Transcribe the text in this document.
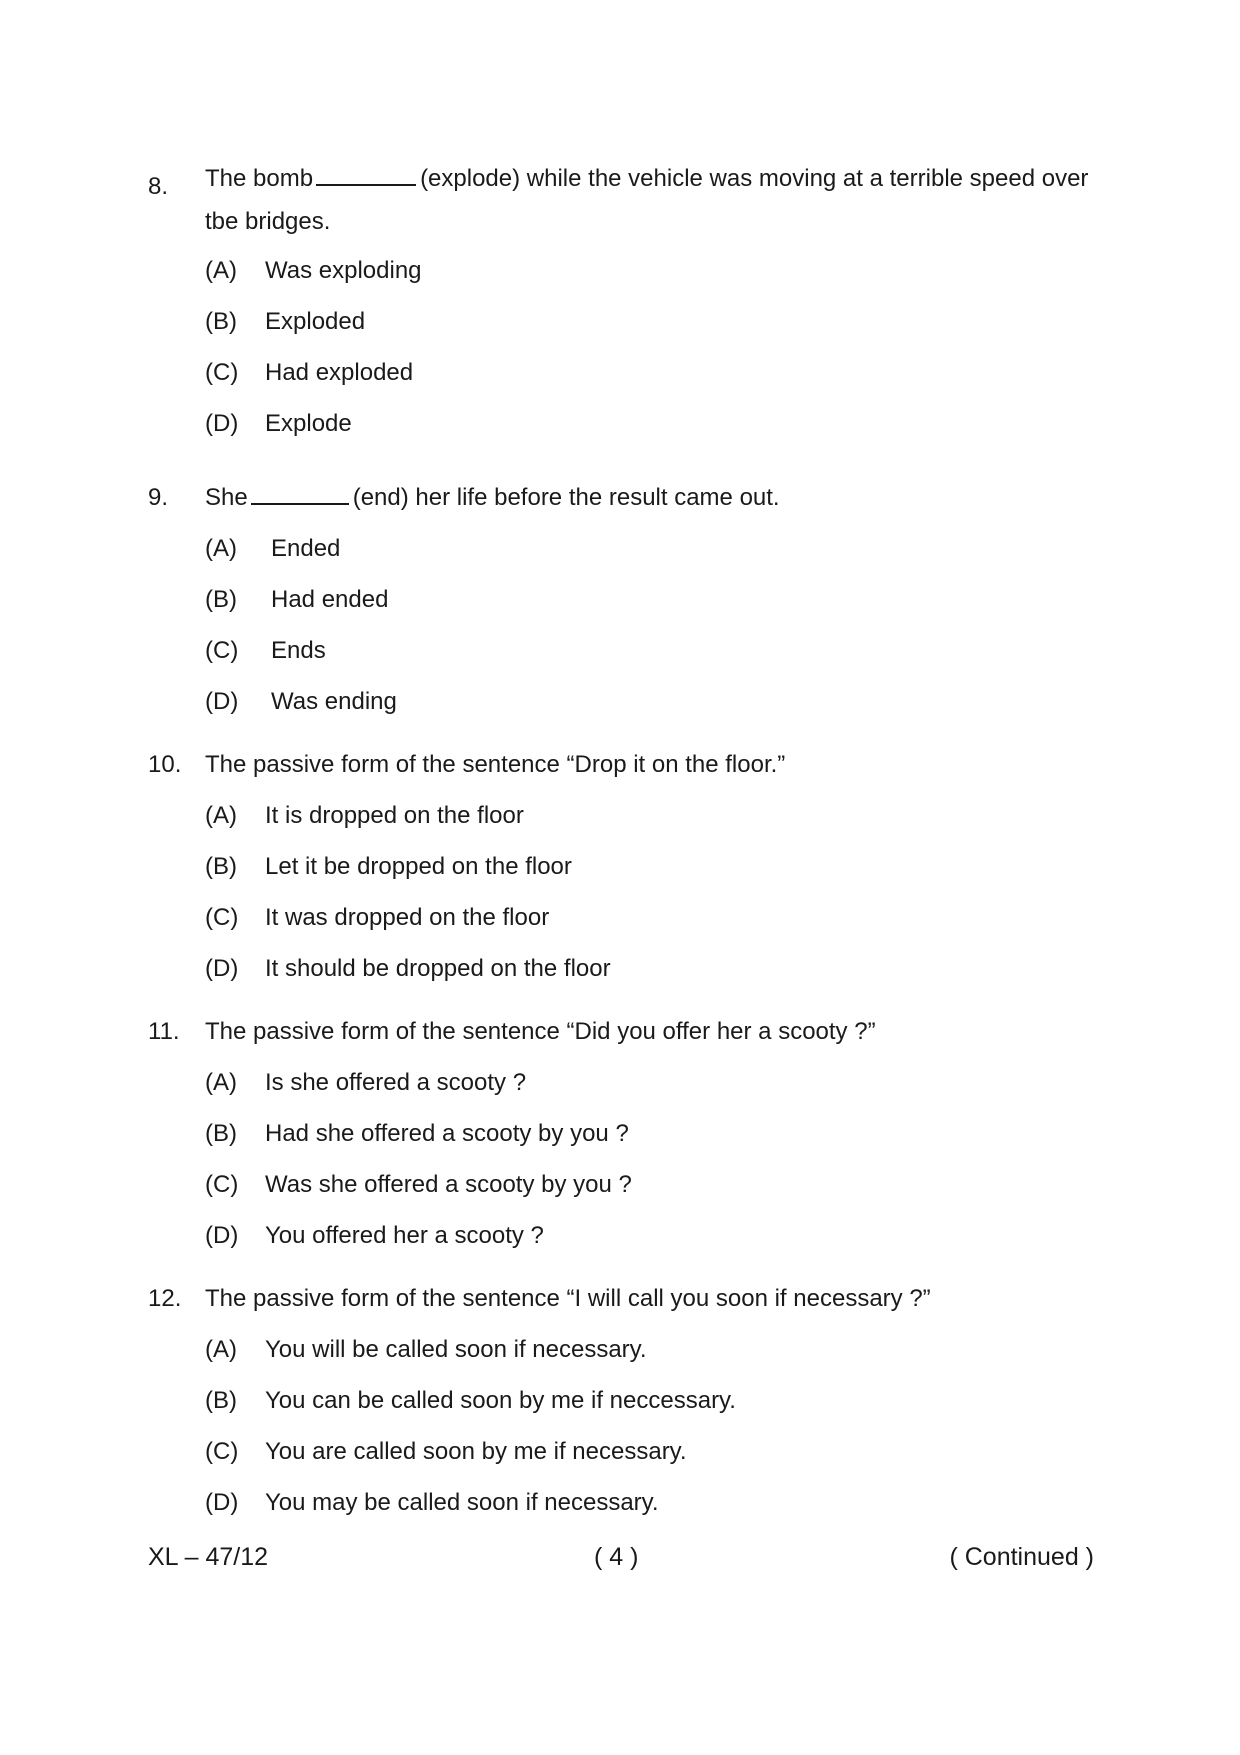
8.	The bomb	(explode) while the vehicle was moving at a terrible speed over tbe bridges.
(A) Was exploding
(B) Exploded
(C) Had exploded
(D) Explode
9.	She	(end) her life before the result came out.
(A) Ended
(B) Had ended
(C) Ends
(D) Was ending
10. The passive form of the sentence “Drop it on the floor.”
(A) It is dropped on the floor
(B) Let it be dropped on the floor
(C) It was dropped on the floor
(D) It should be dropped on the floor
11.	The passive form of the sentence “Did you offer her a scooty ?”
(A) Is she offered a scooty ?
(B) Had she offered a scooty by you ?
(C) Was she offered a scooty by you ?
(D) You offered her a scooty ?
12. The passive form of the sentence “I will call you soon if necessary ?”
(A) You will be called soon if necessary.
(B) You can be called soon by me if neccessary.
(C) You are called soon by me if necessary.
(D) You may be called soon if necessary.
XL – 47/12	( 4 )	( Continued )
